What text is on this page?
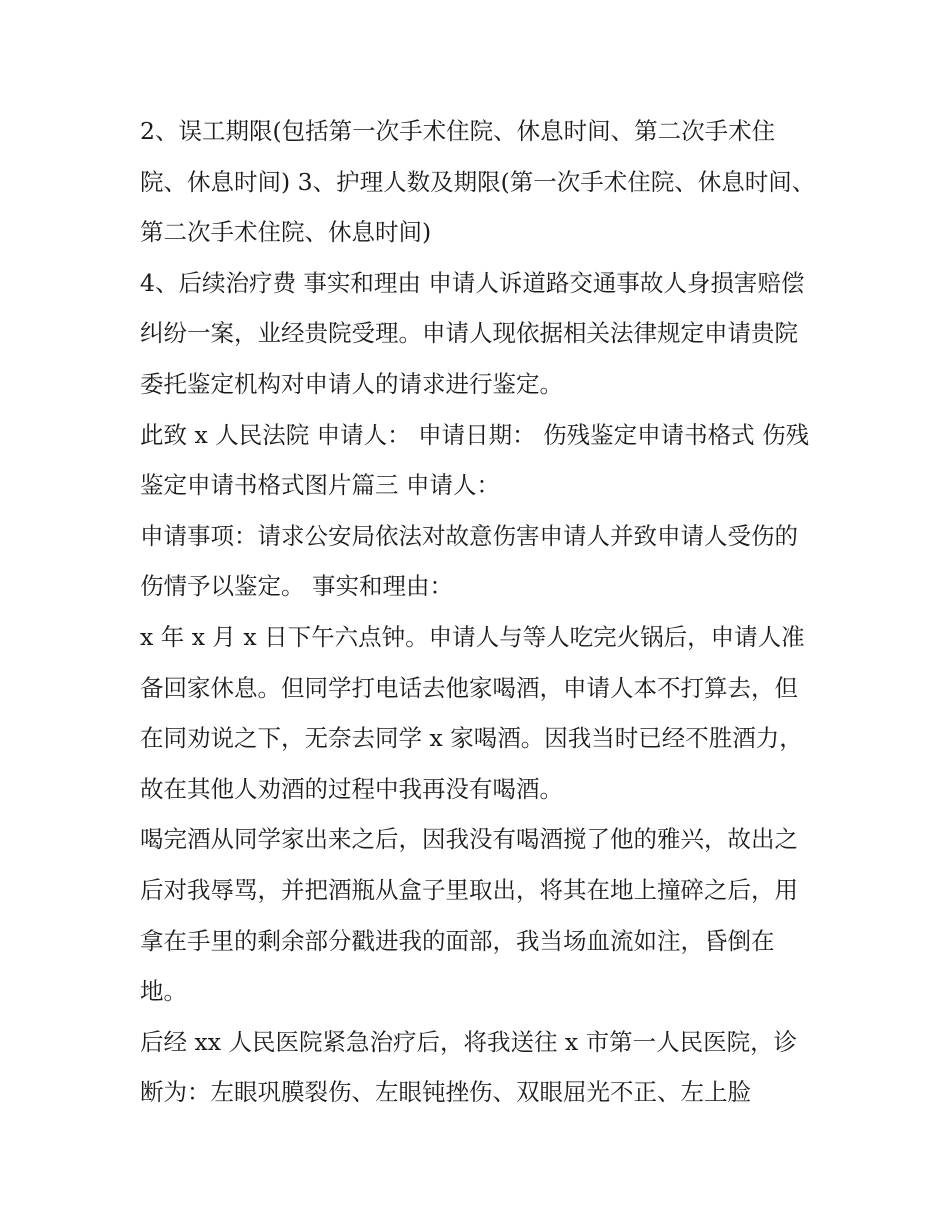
2、误工期限(包括第一次手术住院、休息时间、第二次手术住院、休息时间) 3、护理人数及期限(第一次手术住院、休息时间、第二次手术住院、休息时间)

4、后续治疗费 事实和理由 申请人诉道路交通事故人身损害赔偿纠纷一案，业经贵院受理。申请人现依据相关法律规定申请贵院委托鉴定机构对申请人的请求进行鉴定。

此致 x 人民法院 申请人： 申请日期： 伤残鉴定申请书格式 伤残鉴定申请书格式图片篇三 申请人：

申请事项：请求公安局依法对故意伤害申请人并致申请人受伤的伤情予以鉴定。 事实和理由：

x 年 x 月 x 日下午六点钟。申请人与等人吃完火锅后，申请人准备回家休息。但同学打电话去他家喝酒，申请人本不打算去，但在同劝说之下，无奈去同学 x 家喝酒。因我当时已经不胜酒力，故在其他人劝酒的过程中我再没有喝酒。

喝完酒从同学家出来之后，因我没有喝酒搅了他的雅兴，故出之后对我辱骂，并把酒瓶从盒子里取出，将其在地上撞碎之后，用拿在手里的剩余部分戳进我的面部，我当场血流如注，昏倒在地。

后经 xx 人民医院紧急治疗后，将我送往 x 市第一人民医院，诊断为：左眼巩膜裂伤、左眼钝挫伤、双眼屈光不正、左上脸
